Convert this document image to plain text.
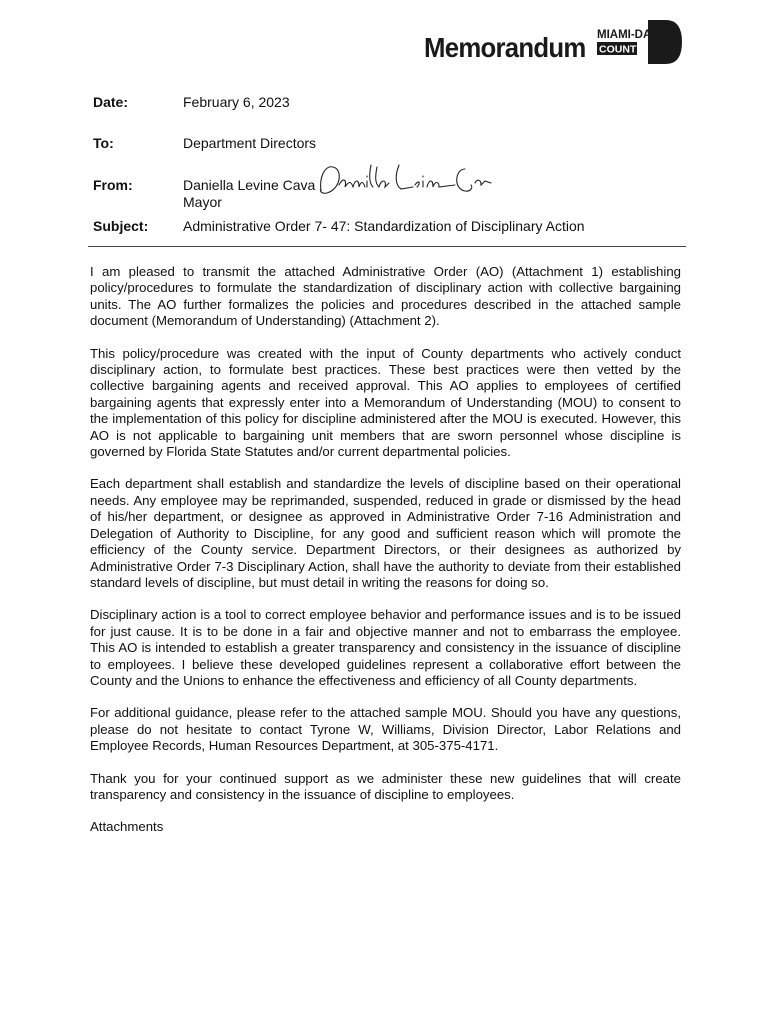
Memorandum MIAMI-DADE
COUNTY
Date:	February 6, 2023
To:	Department Directors
From:	Daniella Levine Cava
Mayor
Subject: Administrative Order 7- 47: Standardization of Disciplinary Action

I am pleased to transmit the attached Administrative Order (AO) (Attachment 1) establishing policy/procedures to formulate the standardization of disciplinary action with collective bargaining units. The AO further formalizes the policies and procedures described in the attached sample document (Memorandum of Understanding) (Attachment 2).

This policy/procedure was created with the input of County departments who actively conduct disciplinary action, to formulate best practices. These best practices were then vetted by the collective bargaining agents and received approval. This AO applies to employees of certified bargaining agents that expressly enter into a Memorandum of Understanding (MOU) to consent to the implementation of this policy for discipline administered after the MOU is executed. However, this AO is not applicable to bargaining unit members that are sworn personnel whose discipline is governed by Florida State Statutes and/or current departmental policies.

Each department shall establish and standardize the levels of discipline based on their operational needs. Any employee may be reprimanded, suspended, reduced in grade or dismissed by the head of his/her department, or designee as approved in Administrative Order 7-16 Administration and Delegation of Authority to Discipline, for any good and sufficient reason which will promote the efficiency of the County service. Department Directors, or their designees as authorized by Administrative Order 7-3 Disciplinary Action, shall have the authority to deviate from their established standard levels of discipline, but must detail in writing the reasons for doing so.

Disciplinary action is a tool to correct employee behavior and performance issues and is to be issued for just cause. It is to be done in a fair and objective manner and not to embarrass the employee. This AO is intended to establish a greater transparency and consistency in the issuance of discipline to employees. I believe these developed guidelines represent a collaborative effort between the County and the Unions to enhance the effectiveness and efficiency of all County departments.

For additional guidance, please refer to the attached sample MOU. Should you have any questions, please do not hesitate to contact Tyrone W, Williams, Division Director, Labor Relations and Employee Records, Human Resources Department, at 305-375-4171.

Thank you for your continued support as we administer these new guidelines that will create transparency and consistency in the issuance of discipline to employees.

Attachments
